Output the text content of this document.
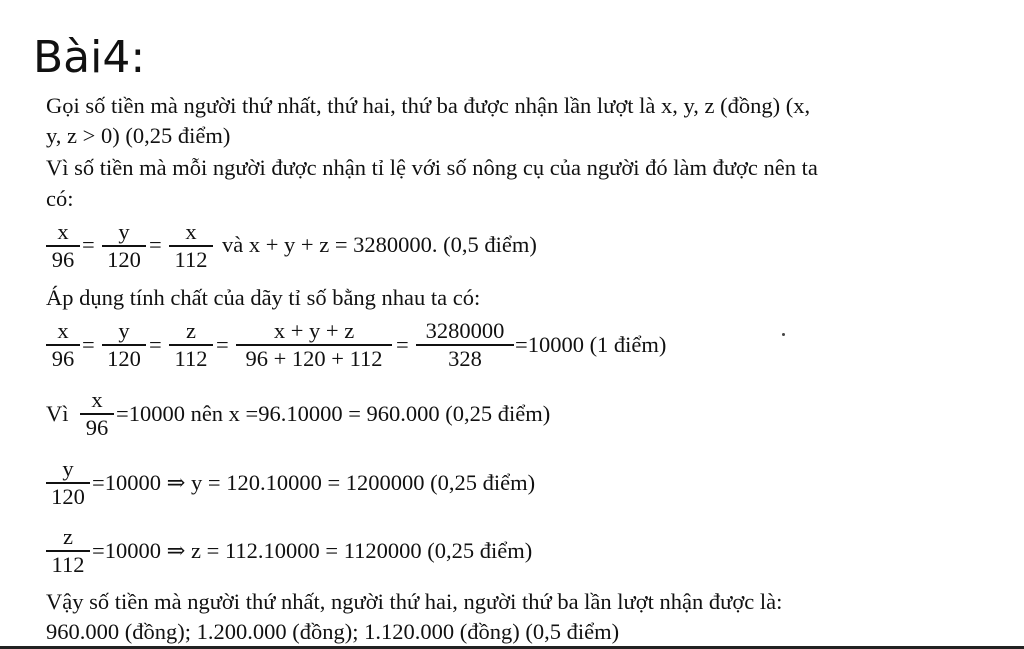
Bài4:
Gọi số tiền mà người thứ nhất, thứ hai, thứ ba được nhận lần lượt là x, y, z (đồng) (x,
y, z > 0) (0,25 điểm)
Vì số tiền mà mỗi người được nhận tỉ lệ với số nông cụ của người đó làm được nên ta
có:
x
96
=
y
120
=
x
112
và x + y + z = 3280000. (0,5 điểm)
Áp dụng tính chất của dãy tỉ số bằng nhau ta có:
x
96
=
y
120
=
z
112
=
x + y + z
96 + 120 + 112
=
3280000
328
=10000 (1 điểm)
Vì
x
96
=10000 nên x =96.10000 = 960.000 (0,25 điểm)
y
120
=10000 ⇒ y = 120.10000 = 1200000 (0,25 điểm)
z
112
=10000 ⇒ z = 112.10000 = 1120000 (0,25 điểm)
Vậy số tiền mà người thứ nhất, người thứ hai, người thứ ba lần lượt nhận được là:
960.000 (đồng); 1.200.000 (đồng); 1.120.000 (đồng) (0,5 điểm)
